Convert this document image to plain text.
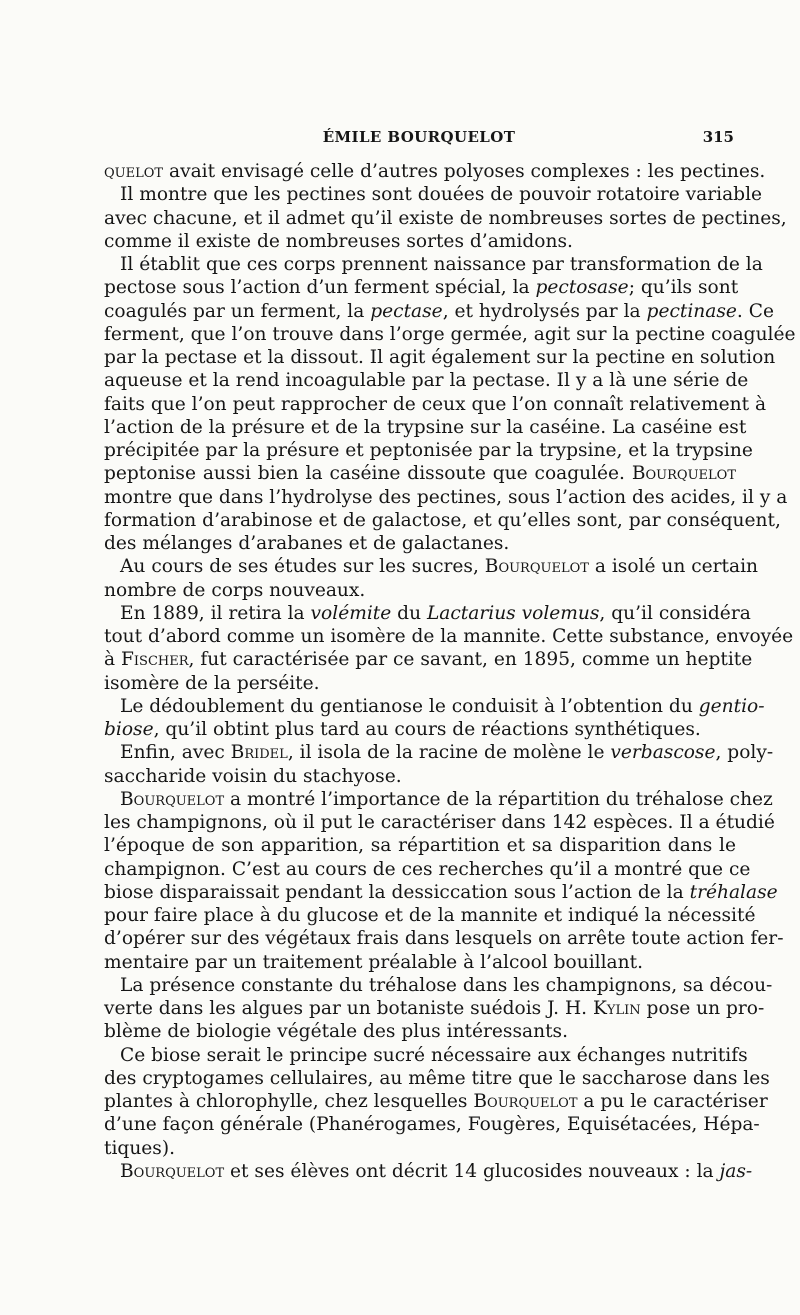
ÉMILE BOURQUELOT	315
quelot avait envisagé celle d’autres polyoses complexes : les pectines.
Il montre que les pectines sont douées de pouvoir rotatoire variable
avec chacune, et il admet qu’il existe de nombreuses sortes de pectines,
comme il existe de nombreuses sortes d’amidons.
Il établit que ces corps prennent naissance par transformation de la
pectose sous l’action d’un ferment spécial, la pectosase; qu’ils sont
coagulés par un ferment, la pectase, et hydrolysés par la pectinase. Ce
ferment, que l’on trouve dans l’orge germée, agit sur la pectine coagulée
par la pectase et la dissout. Il agit également sur la pectine en solution
aqueuse et la rend incoagulable par la pectase. Il y a là une série de
faits que l’on peut rapprocher de ceux que l’on connaît relativement à
l’action de la présure et de la trypsine sur la caséine. La caséine est
précipitée par la présure et peptonisée par la trypsine, et la trypsine
peptonise aussi bien la caséine dissoute que coagulée. Bourquelot
montre que dans l’hydrolyse des pectines, sous l’action des acides, il y a
formation d’arabinose et de galactose, et qu’elles sont, par conséquent,
des mélanges d’arabanes et de galactanes.
Au cours de ses études sur les sucres, Bourquelot a isolé un certain
nombre de corps nouveaux.
En 1889, il retira la volémite du Lactarius volemus, qu’il considéra
tout d’abord comme un isomère de la mannite. Cette substance, envoyée
à Fischer, fut caractérisée par ce savant, en 1895, comme un heptite
isomère de la perséite.
Le dédoublement du gentianose le conduisit à l’obtention du gentio-
biose, qu’il obtint plus tard au cours de réactions synthétiques.
Enfin, avec Bridel, il isola de la racine de molène le verbascose, poly-
saccharide voisin du stachyose.
Bourquelot a montré l’importance de la répartition du tréhalose chez
les champignons, où il put le caractériser dans 142 espèces. Il a étudié
l’époque de son apparition, sa répartition et sa disparition dans le
champignon. C’est au cours de ces recherches qu’il a montré que ce
biose disparaissait pendant la dessiccation sous l’action de la tréhalase
pour faire place à du glucose et de la mannite et indiqué la nécessité
d’opérer sur des végétaux frais dans lesquels on arrête toute action fer-
mentaire par un traitement préalable à l’alcool bouillant.
La présence constante du tréhalose dans les champignons, sa décou-
verte dans les algues par un botaniste suédois J. H. Kylin pose un pro-
blème de biologie végétale des plus intéressants.
Ce biose serait le principe sucré nécessaire aux échanges nutritifs
des cryptogames cellulaires, au même titre que le saccharose dans les
plantes à chlorophylle, chez lesquelles Bourquelot a pu le caractériser
d’une façon générale (Phanérogames, Fougères, Equisétacées, Hépa-
tiques).
Bourquelot et ses élèves ont décrit 14 glucosides nouveaux : la jas-
